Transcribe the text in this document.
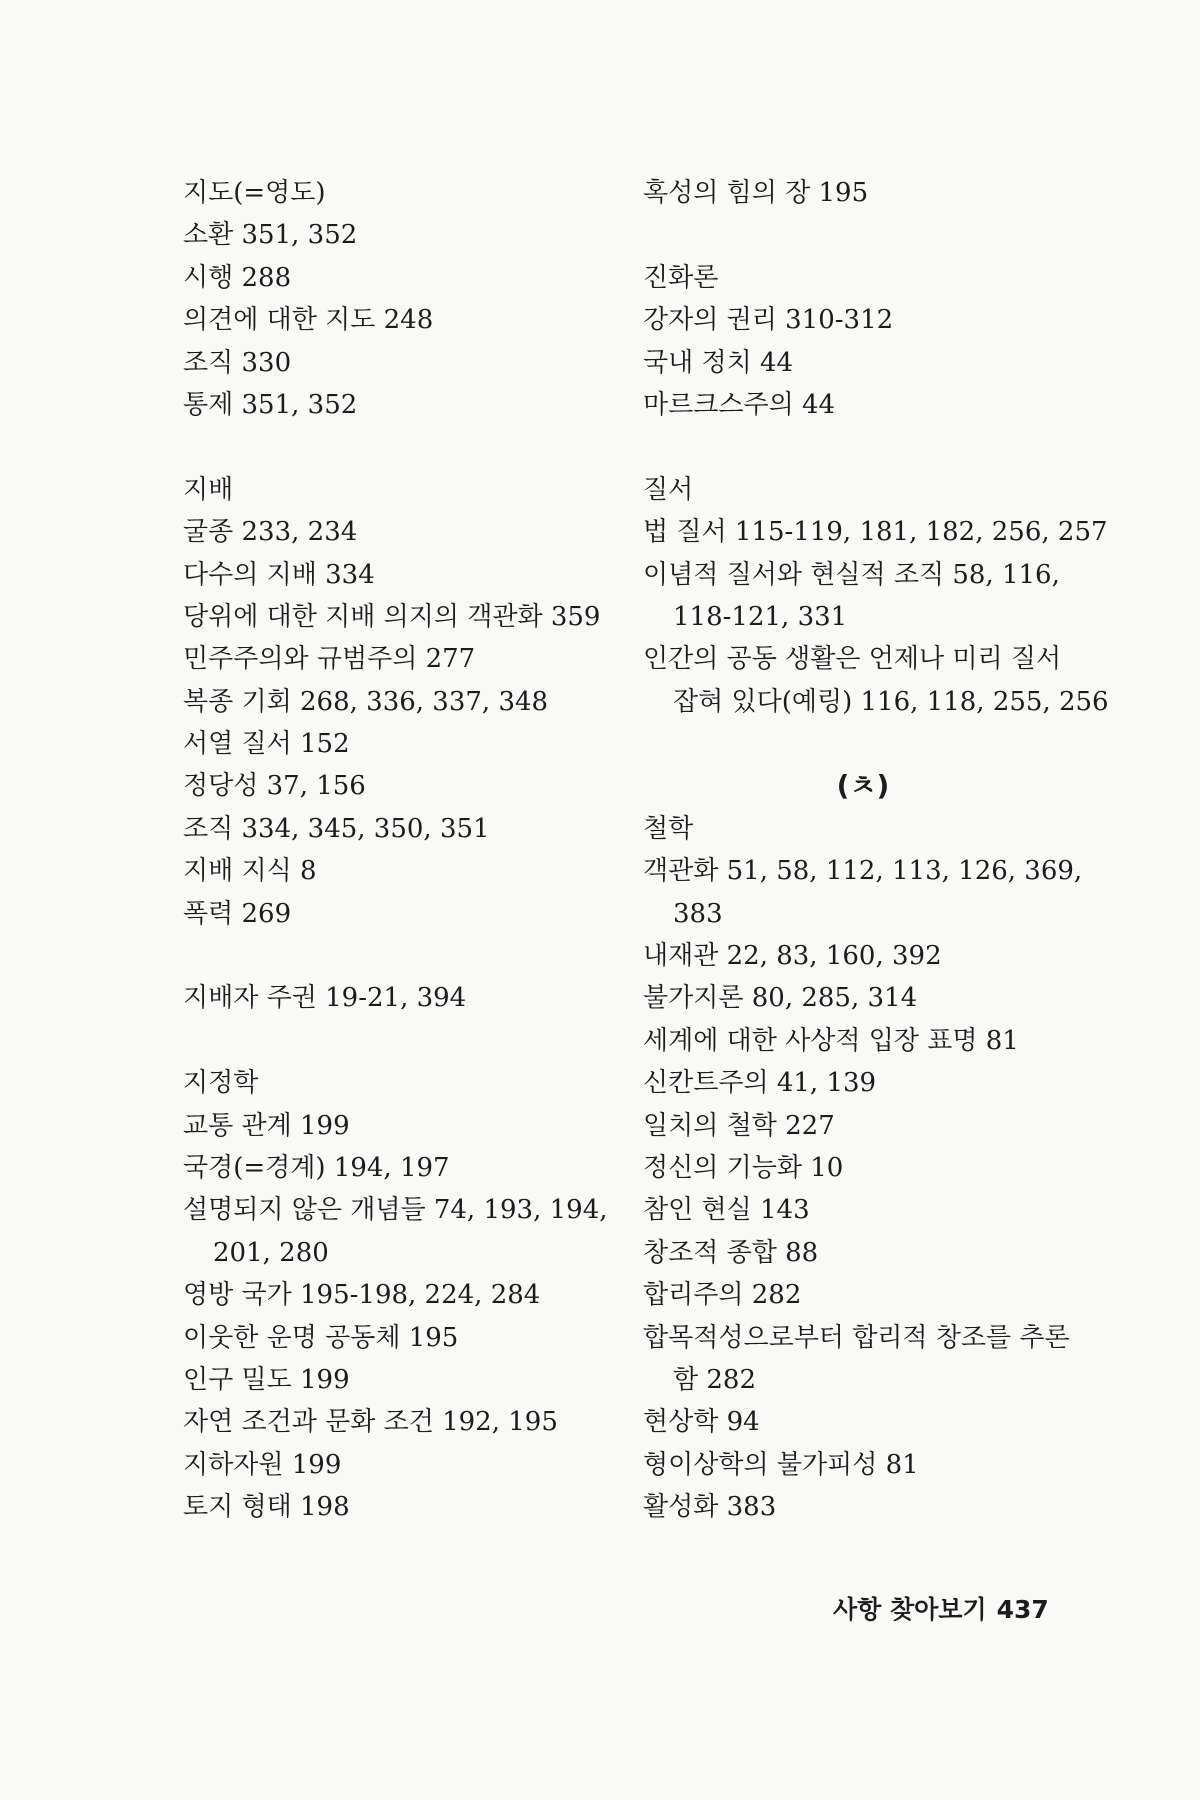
지도(=영도)
소환 351, 352
시행 288
의견에 대한 지도 248
조직 330
통제 351, 352
지배
굴종 233, 234
다수의 지배 334
당위에 대한 지배 의지의 객관화 359
민주주의와 규범주의 277
복종 기회 268, 336, 337, 348
서열 질서 152
정당성 37, 156
조직 334, 345, 350, 351
지배 지식 8
폭력 269
지배자 주권 19-21, 394
지정학
교통 관계 199
국경(=경계) 194, 197
설명되지 않은 개념들 74, 193, 194,
201, 280
영방 국가 195-198, 224, 284
이웃한 운명 공동체 195
인구 밀도 199
자연 조건과 문화 조건 192, 195
지하자원 199
토지 형태 198
혹성의 힘의 장 195
진화론
강자의 권리 310-312
국내 정치 44
마르크스주의 44
질서
법 질서 115-119, 181, 182, 256, 257
이념적 질서와 현실적 조직 58, 116,
118-121, 331
인간의 공동 생활은 언제나 미리 질서
잡혀 있다(예링) 116, 118, 255, 256
(ㅊ)
철학
객관화 51, 58, 112, 113, 126, 369,
383
내재관 22, 83, 160, 392
불가지론 80, 285, 314
세계에 대한 사상적 입장 표명 81
신칸트주의 41, 139
일치의 철학 227
정신의 기능화 10
참인 현실 143
창조적 종합 88
합리주의 282
합목적성으로부터 합리적 창조를 추론
함 282
현상학 94
형이상학의 불가피성 81
활성화 383
사항 찾아보기 437
